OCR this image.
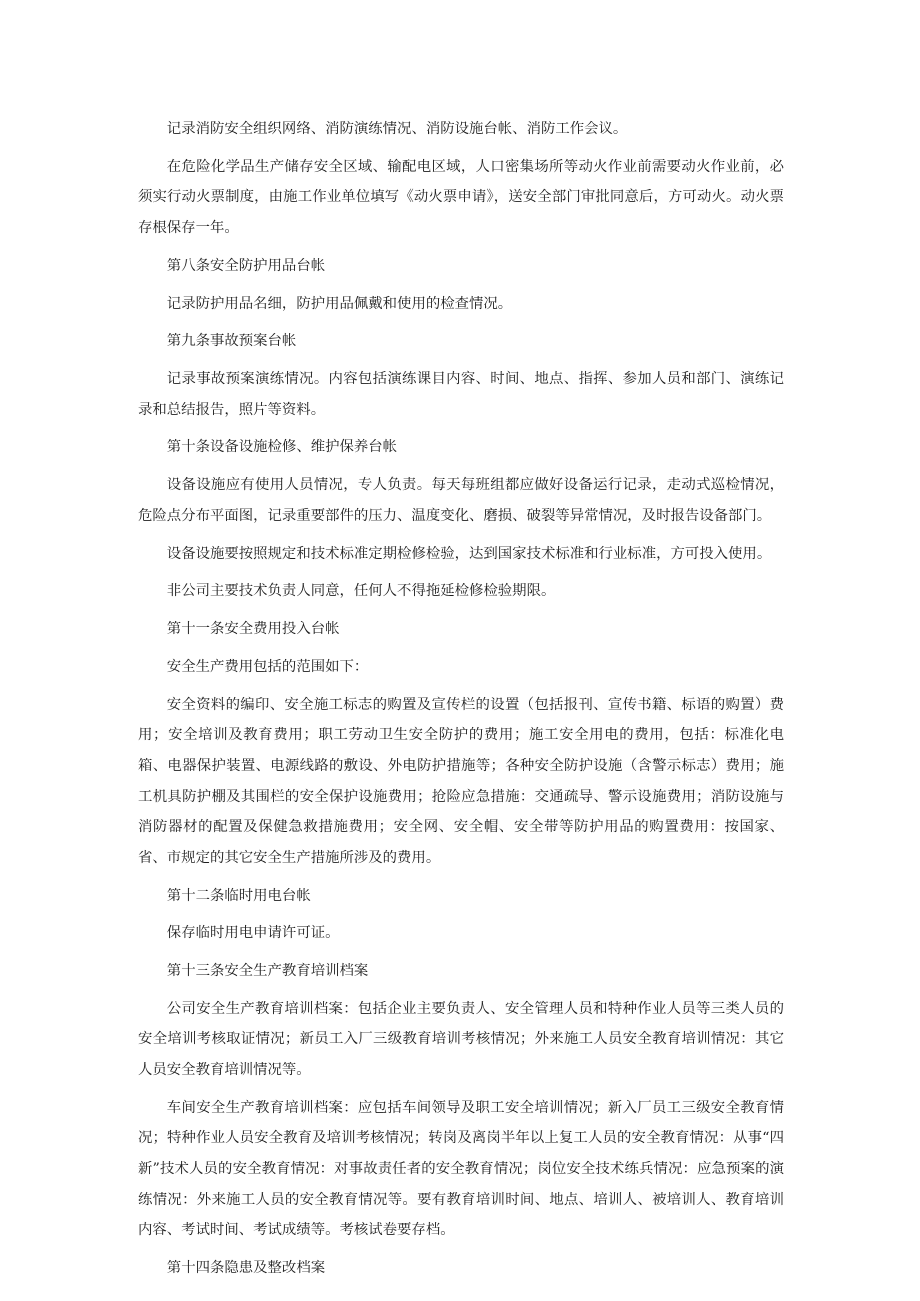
记录消防安全组织网络、消防演练情况、消防设施台帐、消防工作会议。

在危险化学品生产储存安全区域、输配电区域，人口密集场所等动火作业前需要动火作业前，必须实行动火票制度，由施工作业单位填写《动火票申请》，送安全部门审批同意后，方可动火。动火票存根保存一年。

第八条安全防护用品台帐

记录防护用品名细，防护用品佩戴和使用的检查情况。

第九条事故预案台帐

记录事故预案演练情况。内容包括演练课目内容、时间、地点、指挥、参加人员和部门、演练记录和总结报告，照片等资料。

第十条设备设施检修、维护保养台帐

设备设施应有使用人员情况，专人负责。每天每班组都应做好设备运行记录，走动式巡检情况，危险点分布平面图，记录重要部件的压力、温度变化、磨损、破裂等异常情况，及时报告设备部门。

设备设施要按照规定和技术标准定期检修检验，达到国家技术标准和行业标准，方可投入使用。

非公司主要技术负责人同意，任何人不得拖延检修检验期限。

第十一条安全费用投入台帐

安全生产费用包括的范围如下：

安全资料的编印、安全施工标志的购置及宣传栏的设置（包括报刊、宣传书籍、标语的购置）费用；安全培训及教育费用；职工劳动卫生安全防护的费用；施工安全用电的费用，包括：标准化电箱、电器保护装置、电源线路的敷设、外电防护措施等；各种安全防护设施（含警示标志）费用；施工机具防护棚及其围栏的安全保护设施费用；抢险应急措施：交通疏导、警示设施费用；消防设施与消防器材的配置及保健急救措施费用；安全网、安全帽、安全带等防护用品的购置费用：按国家、省、市规定的其它安全生产措施所涉及的费用。

第十二条临时用电台帐

保存临时用电申请许可证。

第十三条安全生产教育培训档案

公司安全生产教育培训档案：包括企业主要负责人、安全管理人员和特种作业人员等三类人员的安全培训考核取证情况；新员工入厂三级教育培训考核情况；外来施工人员安全教育培训情况：其它人员安全教育培训情况等。

车间安全生产教育培训档案：应包括车间领导及职工安全培训情况；新入厂员工三级安全教育情况；特种作业人员安全教育及培训考核情况；转岗及离岗半年以上复工人员的安全教育情况：从事“四新”技术人员的安全教育情况：对事故责任者的安全教育情况；岗位安全技术练兵情况：应急预案的演练情况：外来施工人员的安全教育情况等。要有教育培训时间、地点、培训人、被培训人、教育培训内容、考试时间、考试成绩等。考核试卷要存档。

第十四条隐患及整改档案
